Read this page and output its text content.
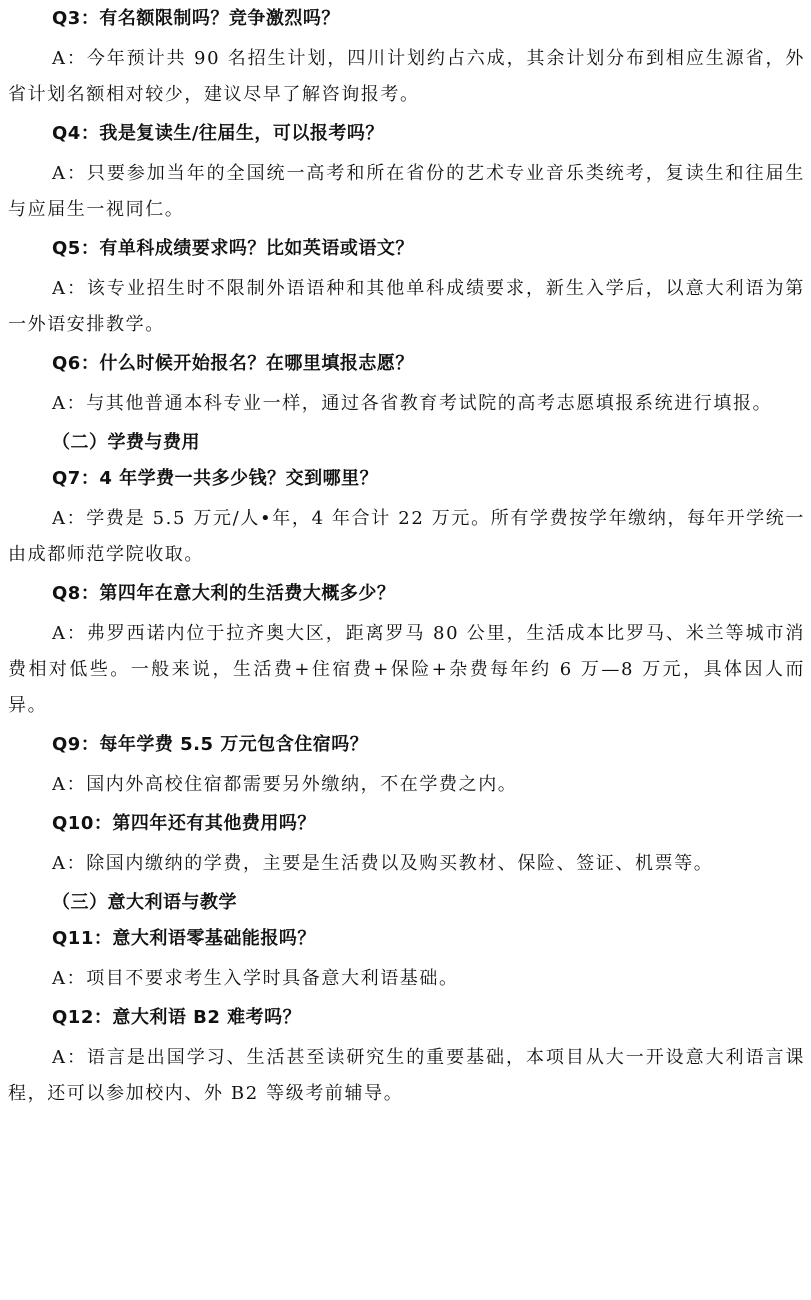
Q3：有名额限制吗？竞争激烈吗？

A：今年预计共 90 名招生计划，四川计划约占六成，其余计划分布到相应生源省，外省计划名额相对较少，建议尽早了解咨询报考。

Q4：我是复读生/往届生，可以报考吗？

A：只要参加当年的全国统一高考和所在省份的艺术专业音乐类统考，复读生和往届生与应届生一视同仁。

Q5：有单科成绩要求吗？比如英语或语文？

A：该专业招生时不限制外语语种和其他单科成绩要求，新生入学后，以意大利语为第一外语安排教学。

Q6：什么时候开始报名？在哪里填报志愿？

A：与其他普通本科专业一样，通过各省教育考试院的高考志愿填报系统进行填报。

（二）学费与费用

Q7：4 年学费一共多少钱？交到哪里？

A：学费是 5.5 万元/人•年，4 年合计 22 万元。所有学费按学年缴纳，每年开学统一由成都师范学院收取。

Q8：第四年在意大利的生活费大概多少？

A：弗罗西诺内位于拉齐奥大区，距离罗马 80 公里，生活成本比罗马、米兰等城市消费相对低些。一般来说，生活费+住宿费+保险+杂费每年约 6 万—8 万元，具体因人而异。

Q9：每年学费 5.5 万元包含住宿吗？

A：国内外高校住宿都需要另外缴纳，不在学费之内。

Q10：第四年还有其他费用吗？

A：除国内缴纳的学费，主要是生活费以及购买教材、保险、签证、机票等。

（三）意大利语与教学

Q11：意大利语零基础能报吗？

A：项目不要求考生入学时具备意大利语基础。

Q12：意大利语 B2 难考吗？

A：语言是出国学习、生活甚至读研究生的重要基础，本项目从大一开设意大利语言课程，还可以参加校内、外 B2 等级考前辅导。
